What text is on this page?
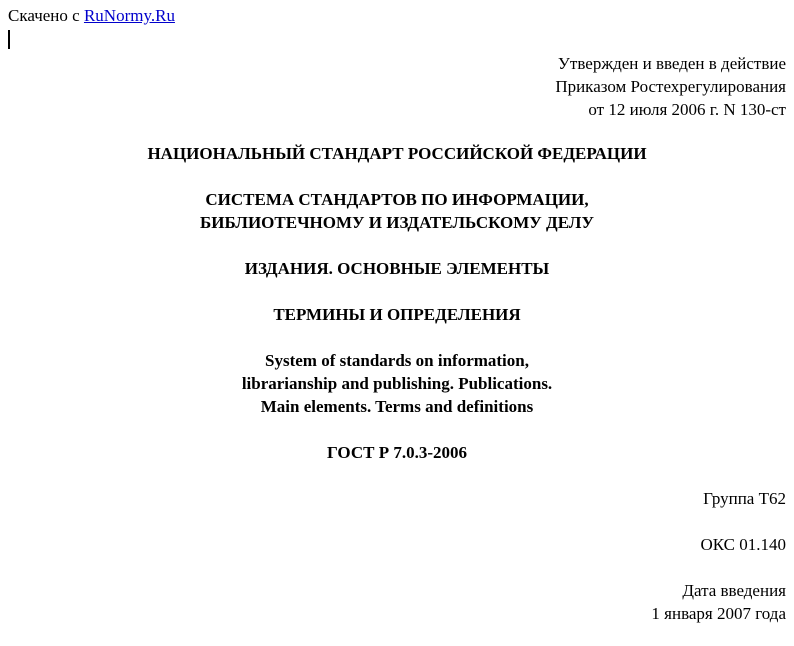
Скачено с RuNormy.Ru
Утвержден и введен в действие
Приказом Ростехрегулирования
от 12 июля 2006 г. N 130-ст
НАЦИОНАЛЬНЫЙ СТАНДАРТ РОССИЙСКОЙ ФЕДЕРАЦИИ
СИСТЕМА СТАНДАРТОВ ПО ИНФОРМАЦИИ,
БИБЛИОТЕЧНОМУ И ИЗДАТЕЛЬСКОМУ ДЕЛУ
ИЗДАНИЯ. ОСНОВНЫЕ ЭЛЕМЕНТЫ
ТЕРМИНЫ И ОПРЕДЕЛЕНИЯ
System of standards on information,
librarianship and publishing. Publications.
Main elements. Terms and definitions
ГОСТ Р 7.0.3-2006
Группа Т62
ОКС 01.140
Дата введения
1 января 2007 года
